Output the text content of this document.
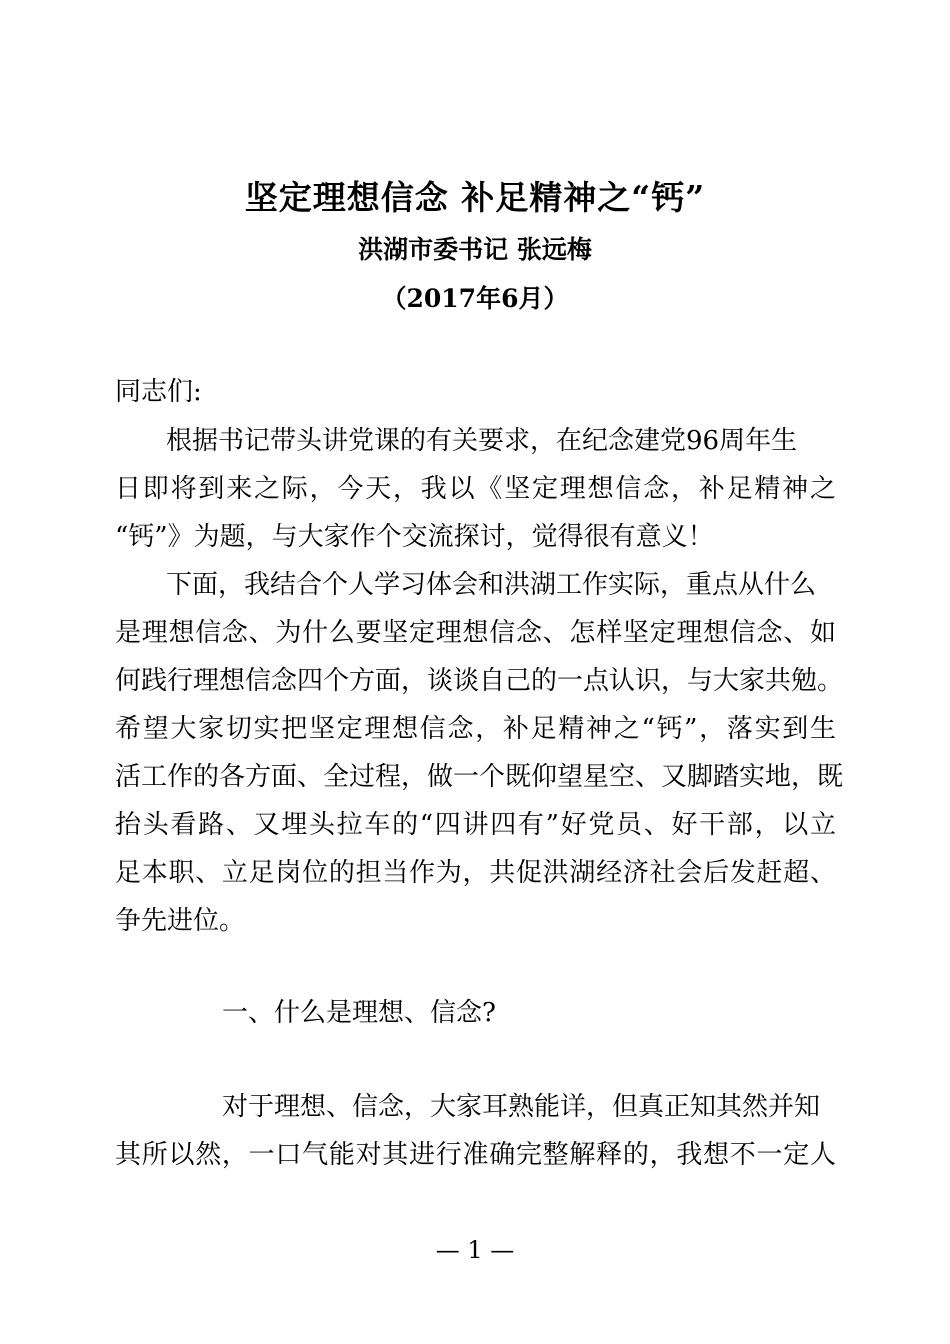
坚定理想信念 补足精神之“钙”
洪湖市委书记 张远梅
（2017年6月）
同志们:
根据书记带头讲党课的有关要求，在纪念建党96周年生
日即将到来之际，今天，我以《坚定理想信念，补足精神之
“钙”》为题，与大家作个交流探讨，觉得很有意义！
下面，我结合个人学习体会和洪湖工作实际，重点从什么
是理想信念、为什么要坚定理想信念、怎样坚定理想信念、如
何践行理想信念四个方面，谈谈自己的一点认识，与大家共勉。
希望大家切实把坚定理想信念，补足精神之“钙”，落实到生
活工作的各方面、全过程，做一个既仰望星空、又脚踏实地，既
抬头看路、又埋头拉车的“四讲四有”好党员、好干部，以立
足本职、立足岗位的担当作为，共促洪湖经济社会后发赶超、
争先进位。
一、什么是理想、信念?
对于理想、信念，大家耳熟能详，但真正知其然并知
其所以然，一口气能对其进行准确完整解释的，我想不一定人
— 1 —
